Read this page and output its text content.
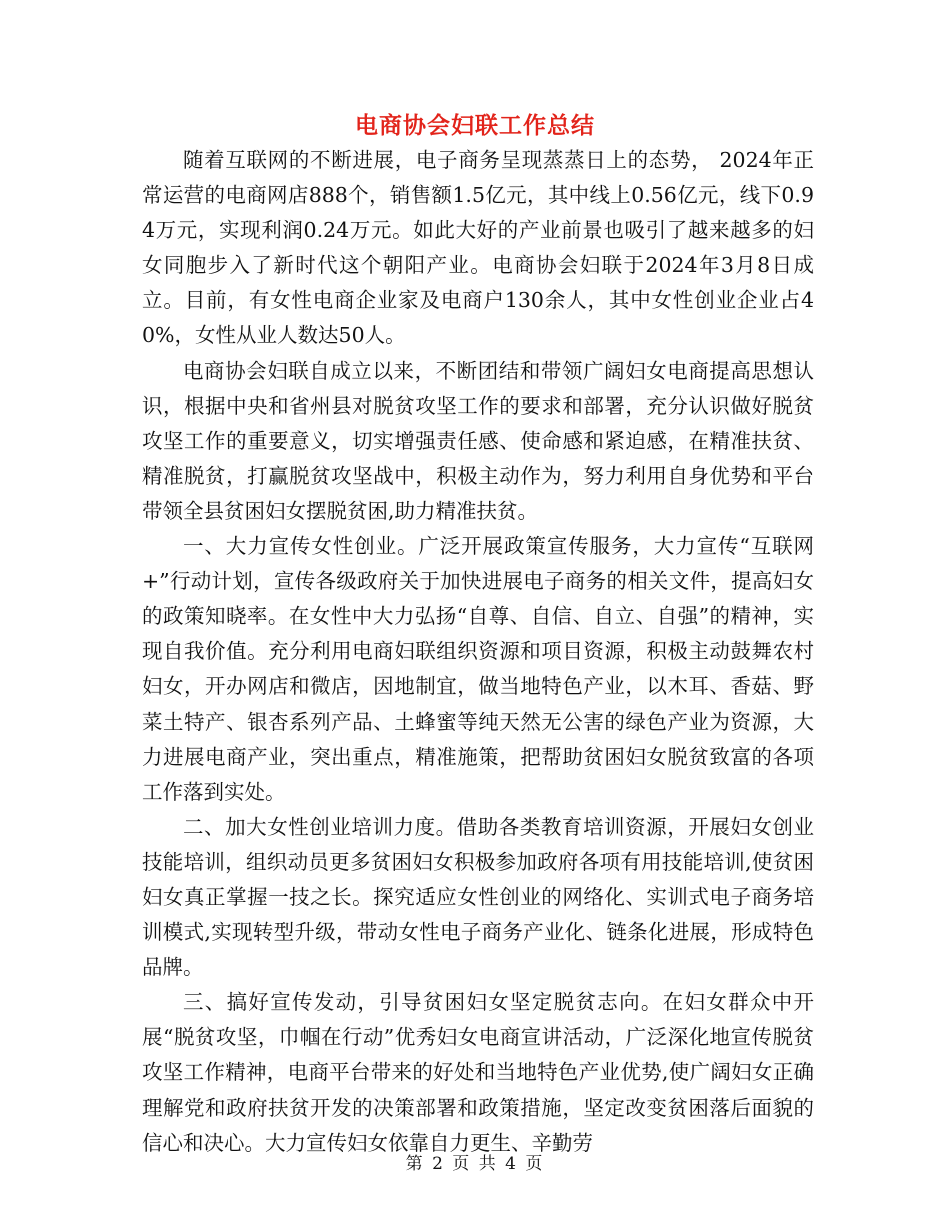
电商协会妇联工作总结

随着互联网的不断进展，电子商务呈现蒸蒸日上的态势， 2024年正常运营的电商网店888个，销售额1.5亿元，其中线上0.56亿元，线下0.94万元，实现利润0.24万元。如此大好的产业前景也吸引了越来越多的妇女同胞步入了新时代这个朝阳产业。电商协会妇联于2024年3月8日成立。目前，有女性电商企业家及电商户130余人，其中女性创业企业占40%，女性从业人数达50人。

电商协会妇联自成立以来，不断团结和带领广阔妇女电商提高思想认识，根据中央和省州县对脱贫攻坚工作的要求和部署，充分认识做好脱贫攻坚工作的重要意义，切实增强责任感、使命感和紧迫感，在精准扶贫、精准脱贫，打赢脱贫攻坚战中，积极主动作为，努力利用自身优势和平台带领全县贫困妇女摆脱贫困,助力精准扶贫。

一、大力宣传女性创业。广泛开展政策宣传服务，大力宣传“互联网+”行动计划，宣传各级政府关于加快进展电子商务的相关文件，提高妇女的政策知晓率。在女性中大力弘扬“自尊、自信、自立、自强”的精神，实现自我价值。充分利用电商妇联组织资源和项目资源，积极主动鼓舞农村妇女，开办网店和微店，因地制宜，做当地特色产业，以木耳、香菇、野菜土特产、银杏系列产品、土蜂蜜等纯天然无公害的绿色产业为资源，大力进展电商产业，突出重点，精准施策，把帮助贫困妇女脱贫致富的各项工作落到实处。

二、加大女性创业培训力度。借助各类教育培训资源，开展妇女创业技能培训，组织动员更多贫困妇女积极参加政府各项有用技能培训,使贫困妇女真正掌握一技之长。探究适应女性创业的网络化、实训式电子商务培训模式,实现转型升级，带动女性电子商务产业化、链条化进展，形成特色品牌。

三、搞好宣传发动，引导贫困妇女坚定脱贫志向。在妇女群众中开展“脱贫攻坚，巾帼在行动”优秀妇女电商宣讲活动，广泛深化地宣传脱贫攻坚工作精神，电商平台带来的好处和当地特色产业优势,使广阔妇女正确理解党和政府扶贫开发的决策部署和政策措施，坚定改变贫困落后面貌的信心和决心。大力宣传妇女依靠自力更生、辛勤劳

第 2 页 共 4 页
